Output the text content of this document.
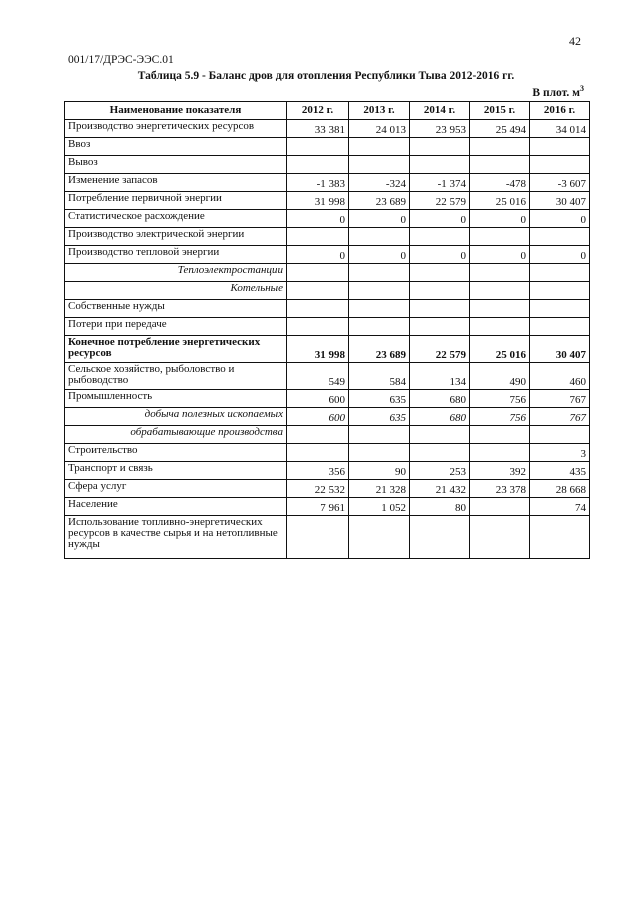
42
001/17/ДРЭС-ЭЭС.01
Таблица 5.9 - Баланс дров для отопления Республики Тыва 2012-2016 гг.
В плот. $м^3$
Наименование показателя	2012 г.	2013 г.	2014 г.	2015 г.	2016 г.
Производство энергетических ресурсов	33 381	24 013	23 953	25 494	34 014
Ввоз					
Вывоз					
Изменение запасов	-1 383	-324	-1 374	-478	-3 607
Потребление первичной энергии	31 998	23 689	22 579	25 016	30 407
Статистическое расхождение	0	0	0	0	0
Производство электрической энергии					
Производство тепловой энергии	0	0	0	0	0
Теплоэлектростанции					
Котельные					
Собственные нужды					
Потери при передаче					
Конечное потребление энергетических ресурсов	31 998	23 689	22 579	25 016	30 407
Сельское хозяйство, рыболовство и рыбоводство	549	584	134	490	460
Промышленность	600	635	680	756	767
добыча полезных ископаемых	600	635	680	756	767
обрабатывающие производства					
Строительство					3
Транспорт и связь	356	90	253	392	435
Сфера услуг	22 532	21 328	21 432	23 378	28 668
Население	7 961	1 052	80		74
Использование топливно-энергетических ресурсов в качестве сырья и на нетопливные нужды					
